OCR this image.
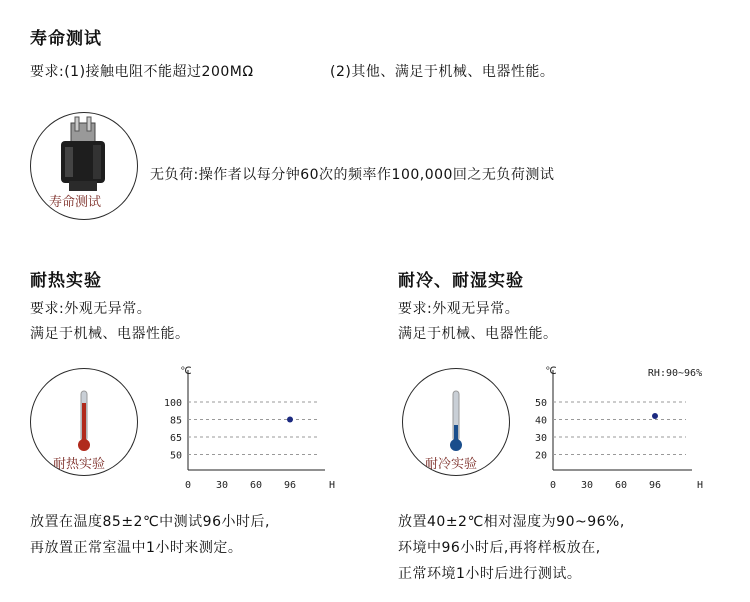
寿命测试
要求:(1)接触电阻不能超过200MΩ	(2)其他、满足于机械、电器性能。
寿命测试
无负荷:操作者以每分钟60次的频率作100,000回之无负荷测试
耐热实验
要求:外观无异常。
满足于机械、电器性能。
耐热实验
℃
H
100
85
65
50
0 30 60 96
放置在温度85±2℃中测试96小时后,
再放置正常室温中1小时来测定。
耐冷、耐湿实验
要求:外观无异常。
满足于机械、电器性能。
耐冷实验
℃
H
RH:90~96%
50
40
30
20
0 30 60 96
放置40±2℃相对湿度为90~96%,
环境中96小时后,再将样板放在,
正常环境1小时后进行测试。
